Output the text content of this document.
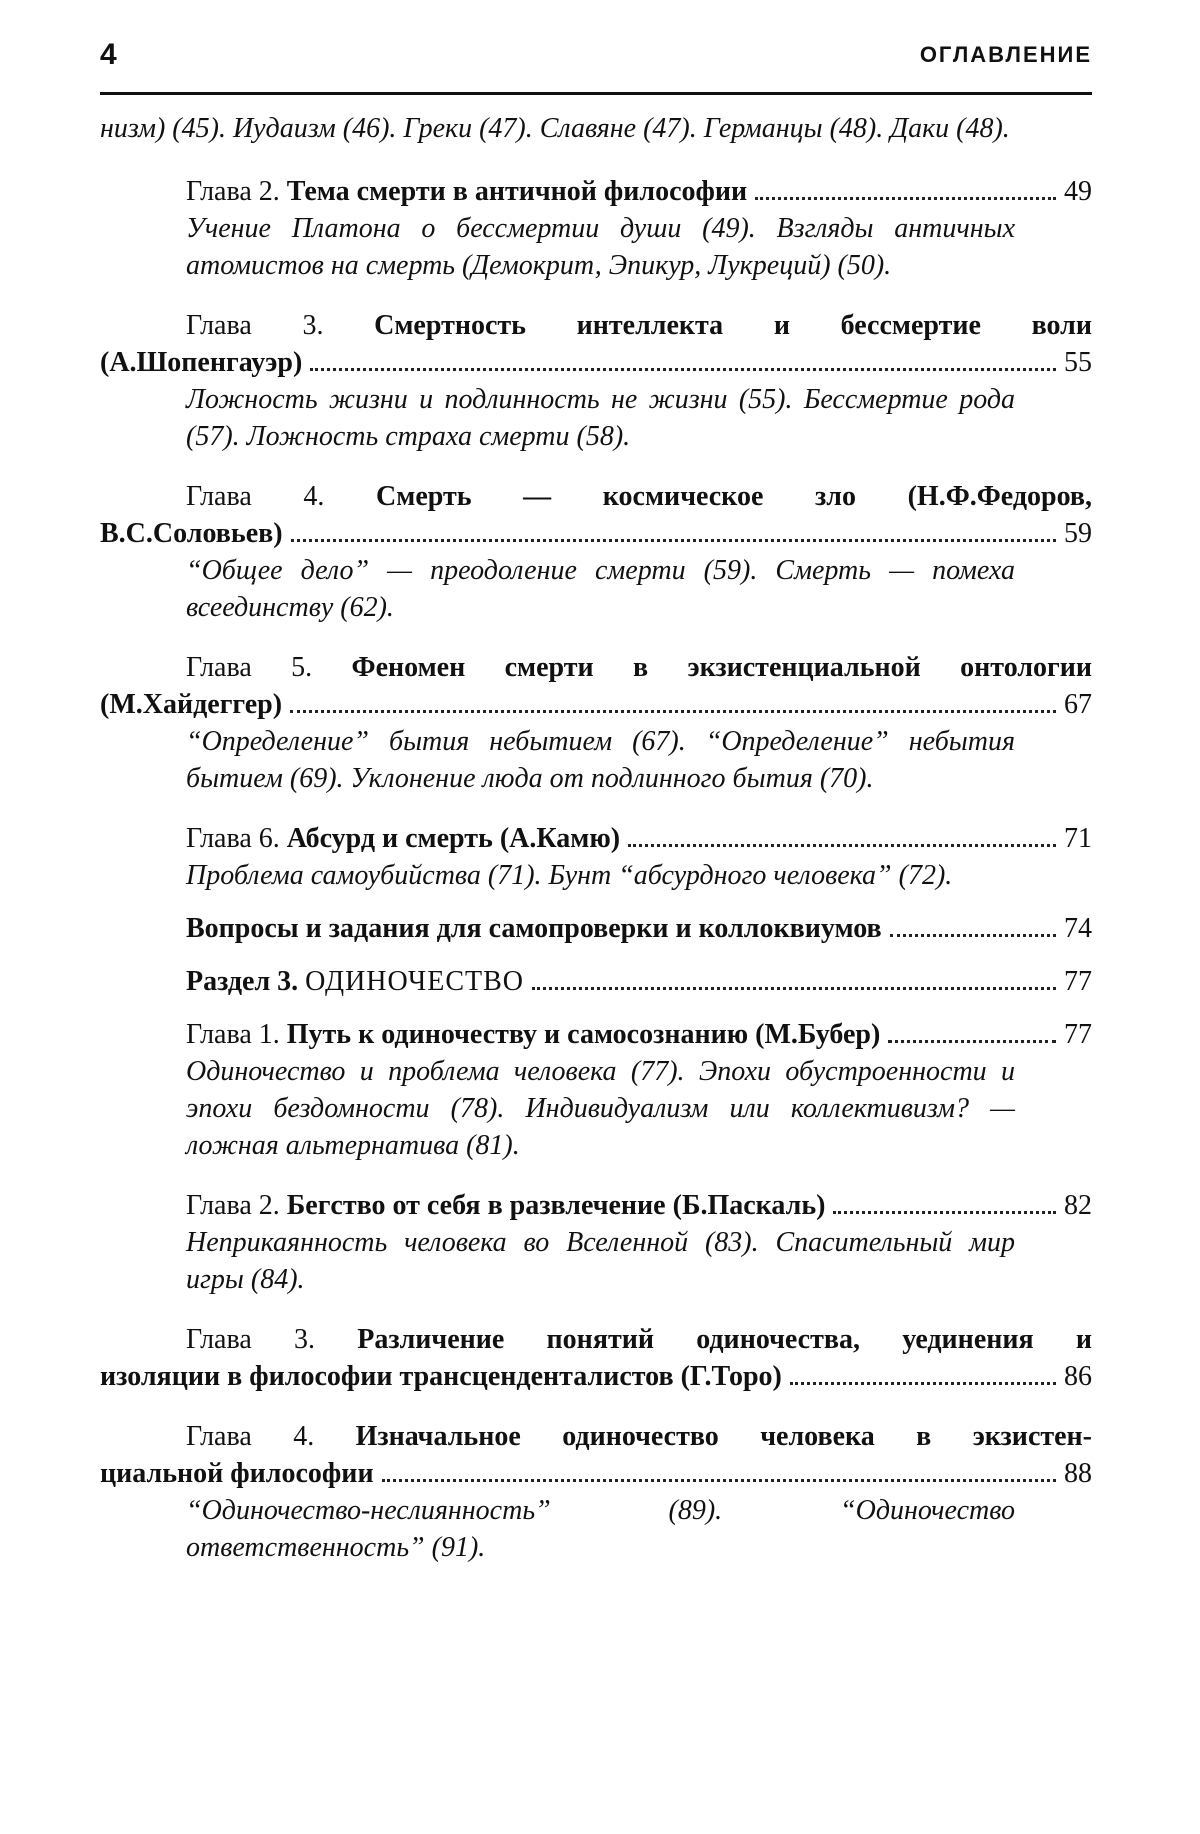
4	ОГЛАВЛЕНИЕ
низм) (45). Иудаизм (46). Греки (47). Славяне (47). Германцы (48). Даки (48).
Глава 2. Тема смерти в античной философии	49
Учение Платона о бессмертии души (49). Взгляды античных атомистов на смерть (Демокрит, Эпикур, Лукреций) (50).
Глава 3. Смертность интеллекта и бессмертие воли
(А.Шопенгауэр)	55
Ложность жизни и подлинность не жизни (55). Бессмертие рода (57). Ложность страха смерти (58).
Глава 4. Смерть — космическое зло (Н.Ф.Федоров,
В.С.Соловьев)	59
“Общее дело” — преодоление смерти (59). Смерть — помеха всеединству (62).
Глава 5. Феномен смерти в экзистенциальной онтологии
(М.Хайдеггер)	67
“Определение” бытия небытием (67). “Определение” небытия бытием (69). Уклонение люда от подлинного бытия (70).
Глава 6. Абсурд и смерть (А.Камю)	71
Проблема самоубийства (71). Бунт “абсурдного человека” (72).
Вопросы и задания для самопроверки и коллоквиумов	74
Раздел 3. ОДИНОЧЕСТВО	77
Глава 1. Путь к одиночеству и самосознанию (М.Бубер)	77
Одиночество и проблема человека (77). Эпохи обустроенности и эпохи бездомности (78). Индивидуализм или коллективизм? — ложная альтернатива (81).
Глава 2. Бегство от себя в развлечение (Б.Паскаль)	82
Неприкаянность человека во Вселенной (83). Спасительный мир игры (84).
Глава 3. Различение понятий одиночества, уединения и
изоляции в философии трансценденталистов (Г.Торо)	86
Глава 4. Изначальное одиночество человека в экзистен-
циальной философии	88
“Одиночество-неслиянность” (89). “Одиночество ответственность” (91).
